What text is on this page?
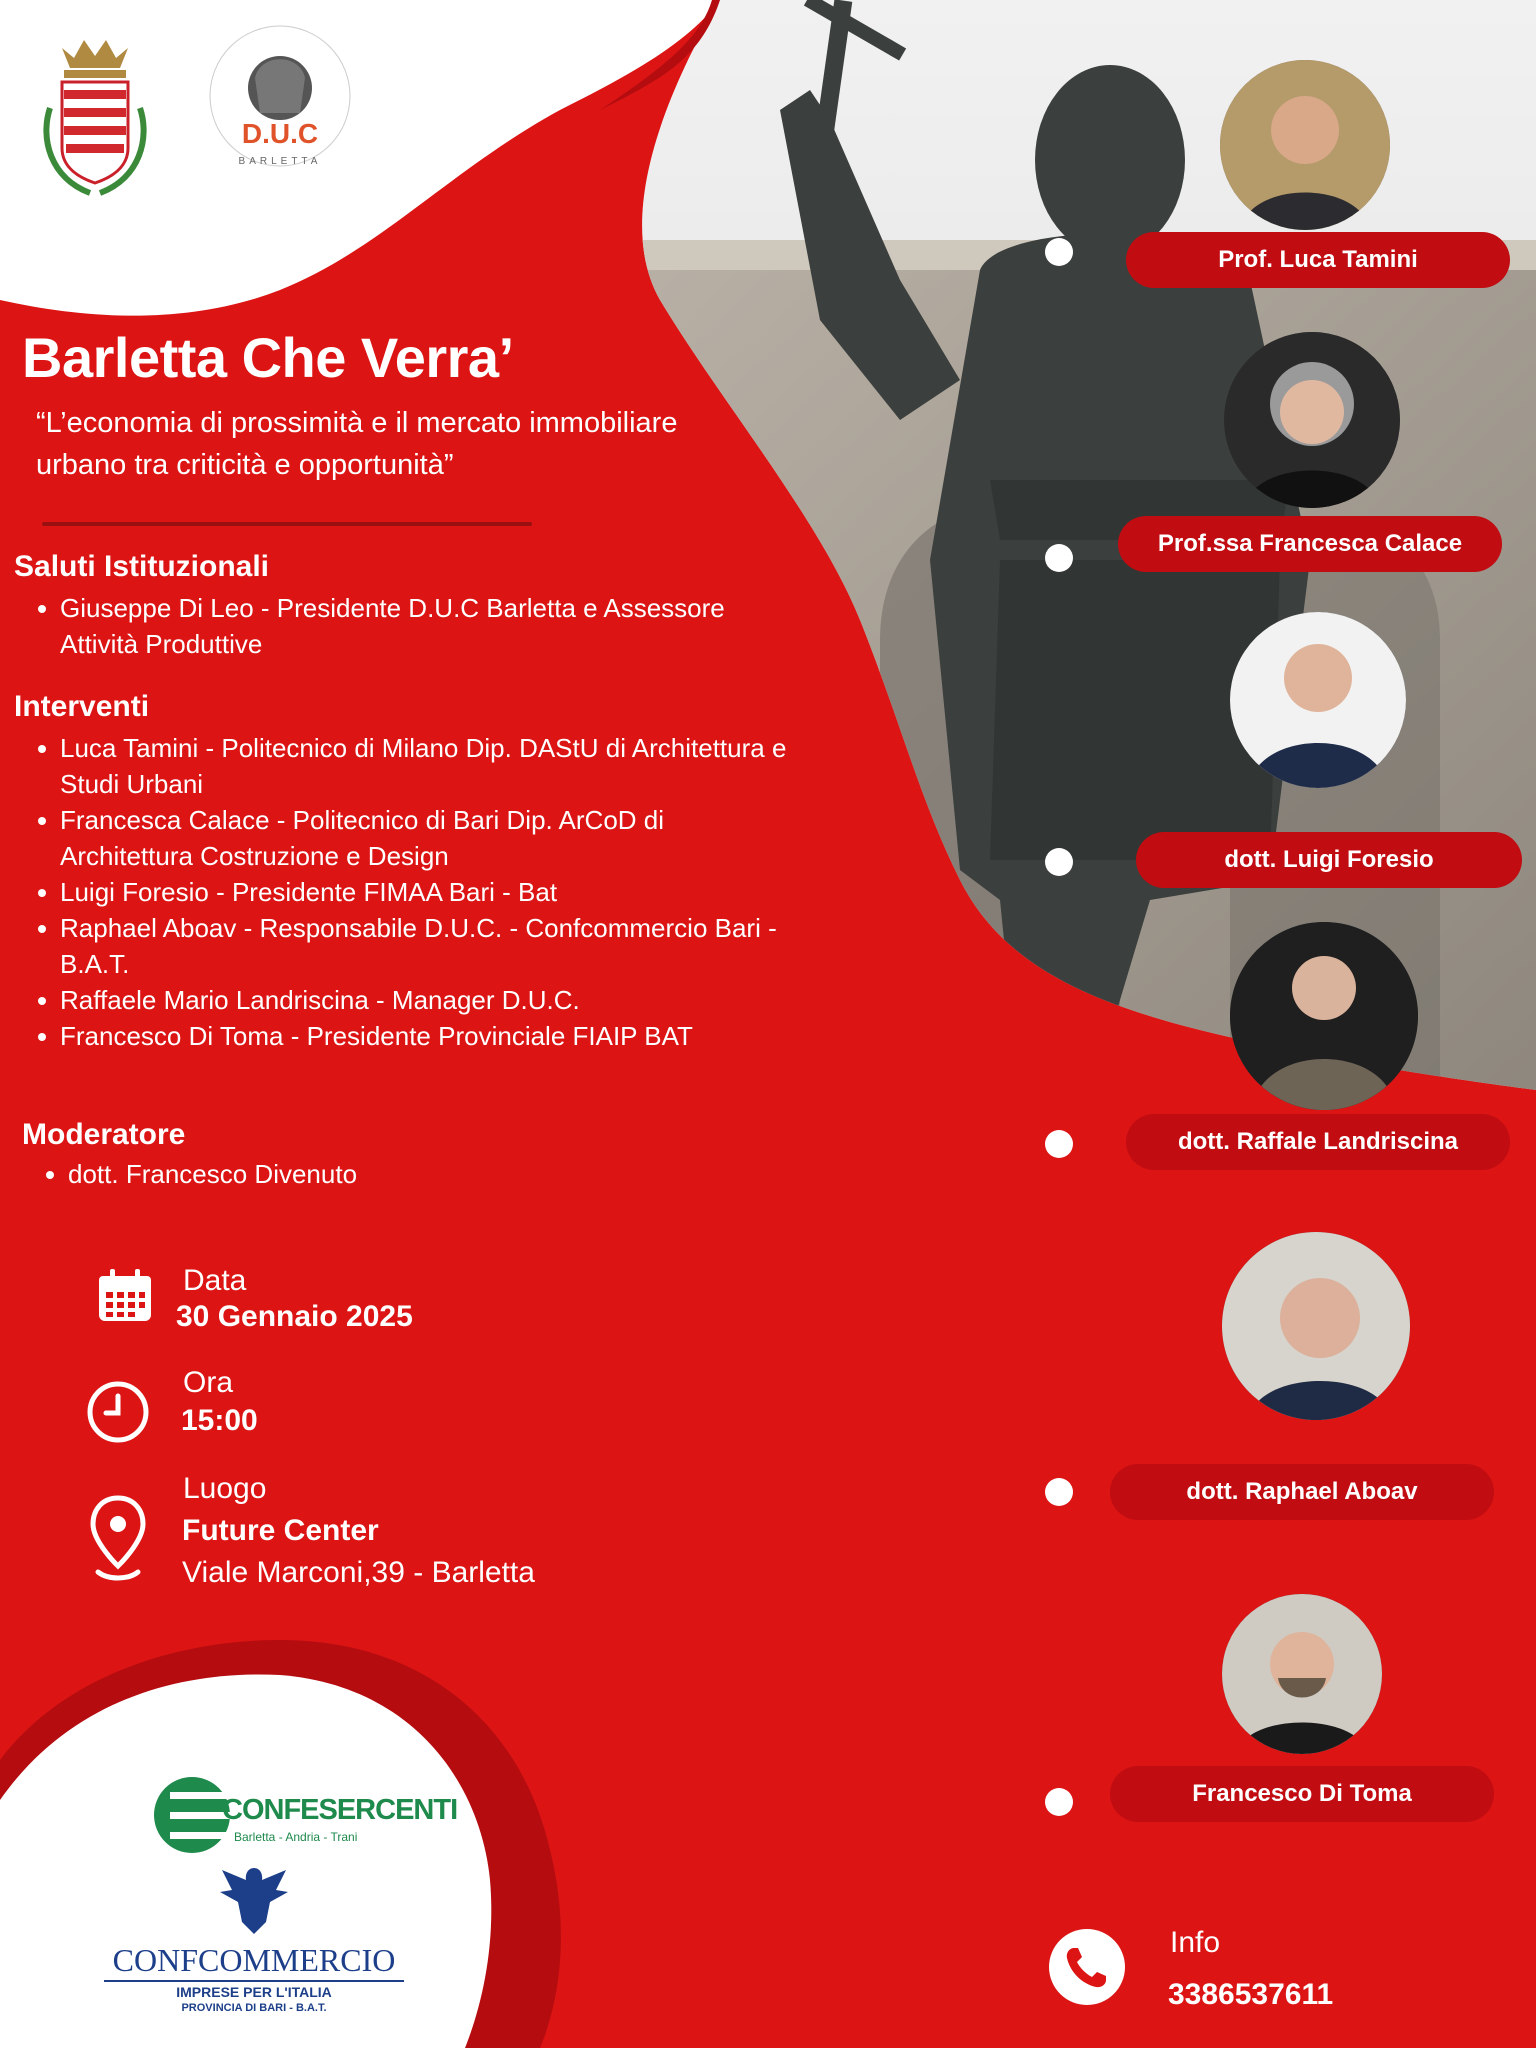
D.U.C
BARLETTA
Barletta Che Verra’
“L’economia di prossimità e il mercato immobiliare urbano tra criticità e opportunità”
Saluti Istituzionali
Giuseppe Di Leo - Presidente D.U.C Barletta e Assessore Attività Produttive
Interventi
Luca Tamini - Politecnico di Milano Dip. DAStU di Architettura e Studi Urbani
Francesca Calace - Politecnico di Bari Dip. ArCoD di Architettura Costruzione e Design
Luigi Foresio - Presidente FIMAA Bari - Bat
Raphael Aboav - Responsabile D.U.C. - Confcommercio Bari - B.A.T.
Raffaele Mario Landriscina - Manager D.U.C.
Francesco Di Toma - Presidente Provinciale FIAIP BAT
Moderatore
dott. Francesco Divenuto
Data
30 Gennaio 2025
Ora
15:00
Luogo
Future Center
Viale Marconi,39 - Barletta
CONFESERCENTI
Barletta - Andria - Trani
CONFCOMMERCIO
IMPRESE PER L'ITALIA
PROVINCIA DI BARI - B.A.T.
Prof. Luca Tamini
Prof.ssa Francesca Calace
dott. Luigi Foresio
dott. Raffale Landriscina
dott. Raphael Aboav
Francesco Di Toma
Info
3386537611
